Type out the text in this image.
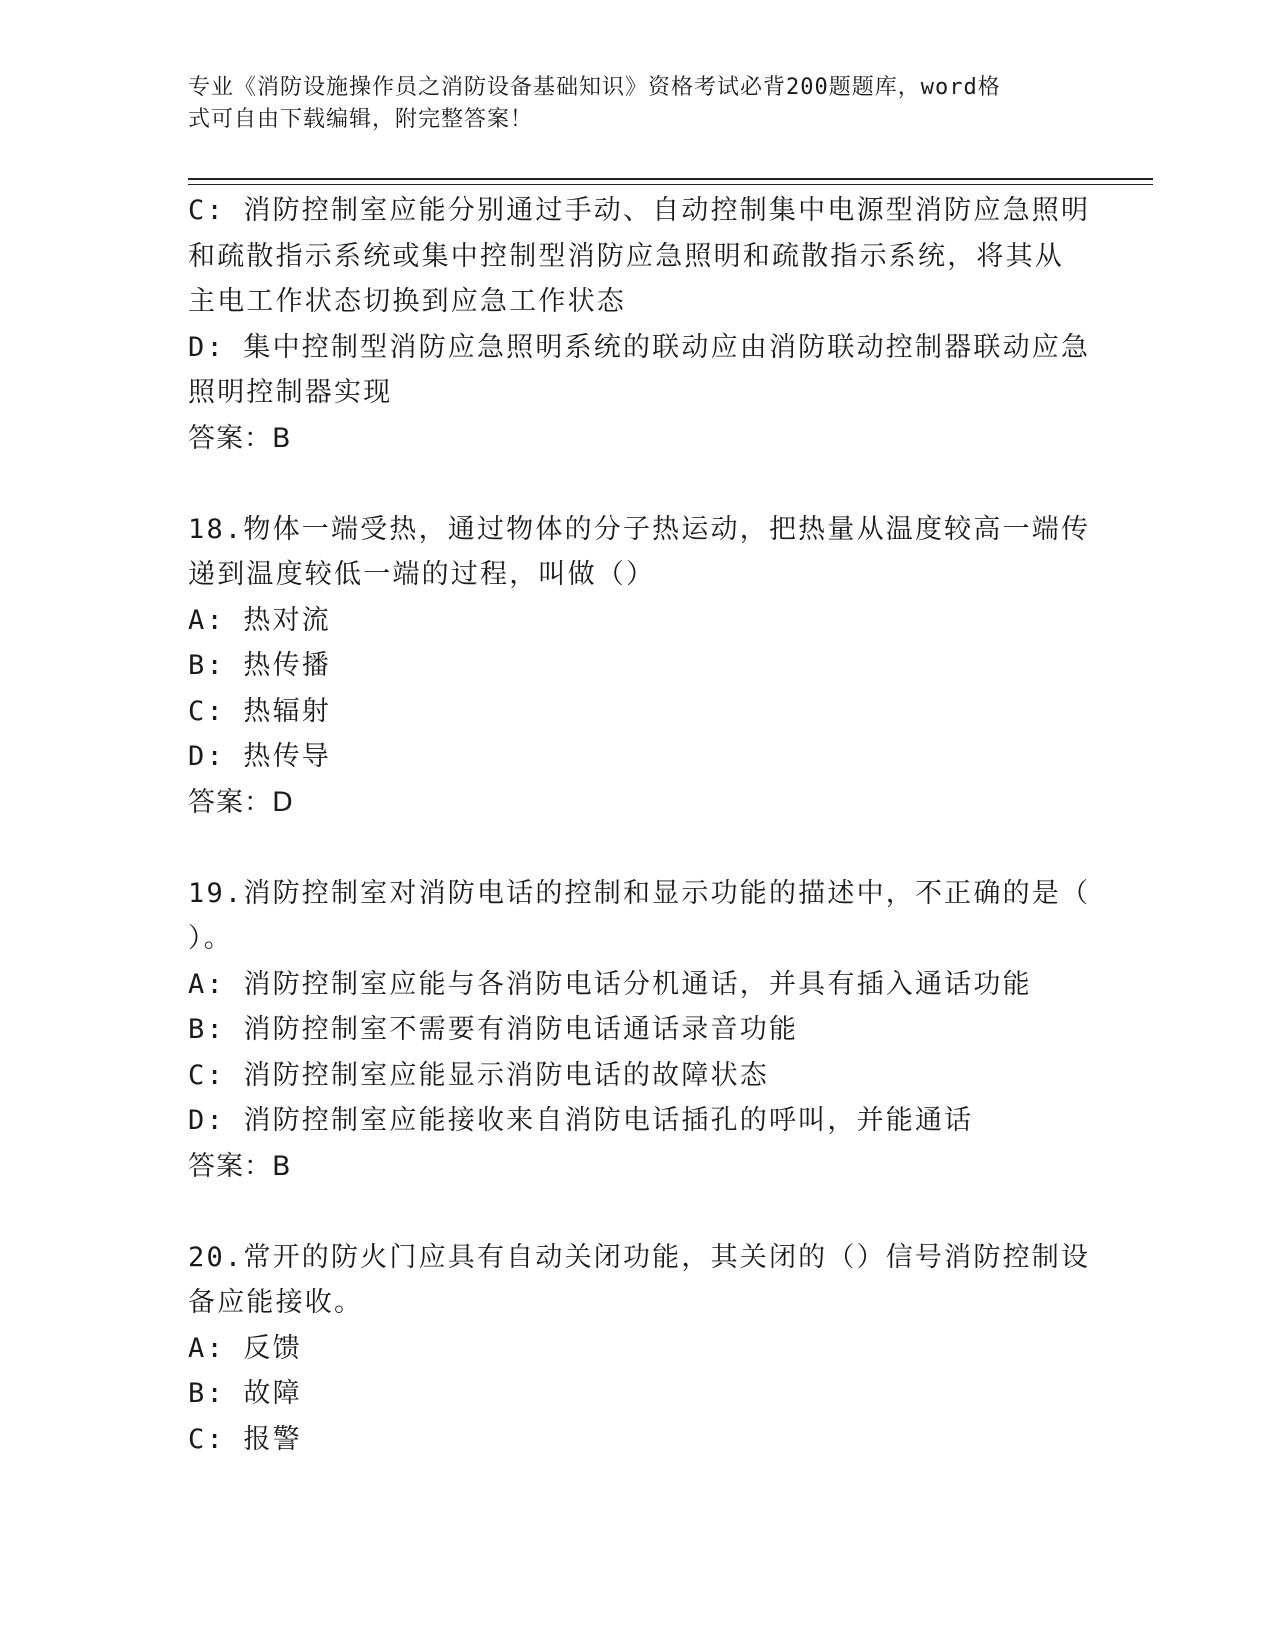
专业《消防设施操作员之消防设备基础知识》资格考试必背200题题库，word格
式可自由下载编辑，附完整答案！
C: 消防控制室应能分别通过手动、自动控制集中电源型消防应急照明
和疏散指示系统或集中控制型消防应急照明和疏散指示系统，将其从
主电工作状态切换到应急工作状态
D: 集中控制型消防应急照明系统的联动应由消防联动控制器联动应急
照明控制器实现
答案：B
18.物体一端受热，通过物体的分子热运动，把热量从温度较高一端传
递到温度较低一端的过程，叫做（）
A: 热对流
B: 热传播
C: 热辐射
D: 热传导
答案：D
19.消防控制室对消防电话的控制和显示功能的描述中，不正确的是（
）。
A: 消防控制室应能与各消防电话分机通话，并具有插入通话功能
B: 消防控制室不需要有消防电话通话录音功能
C: 消防控制室应能显示消防电话的故障状态
D: 消防控制室应能接收来自消防电话插孔的呼叫，并能通话
答案：B
20.常开的防火门应具有自动关闭功能，其关闭的（）信号消防控制设
备应能接收。
A: 反馈
B: 故障
C: 报警
